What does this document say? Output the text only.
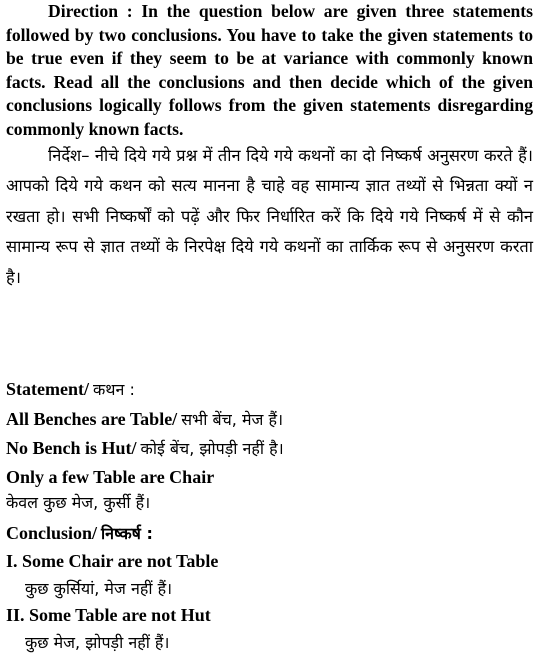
Direction : In the question below are given three statements followed by two conclusions. You have to take the given statements to be true even if they seem to be at variance with commonly known facts. Read all the conclusions and then decide which of the given conclusions logically follows from the given statements disregarding commonly known facts.

निर्देश– नीचे दिये गये प्रश्न में तीन दिये गये कथनों का दो निष्कर्ष अनुसरण करते हैं। आपको दिये गये कथन को सत्य मानना है चाहे वह सामान्य ज्ञात तथ्यों से भिन्नता क्यों न रखता हो। सभी निष्कर्षों को पढ़ें और फिर निर्धारित करें कि दिये गये निष्कर्ष में से कौन सामान्य रूप से ज्ञात तथ्यों के निरपेक्ष दिये गये कथनों का तार्किक रूप से अनुसरण करता है।

Statement/ कथन :
All Benches are Table/ सभी बेंच, मेज हैं।
No Bench is Hut/ कोई बेंच, झोपड़ी नहीं है।
Only a few Table are Chair
केवल कुछ मेज, कुर्सी हैं।
Conclusion/ निष्कर्ष :
I. Some Chair are not Table
कुछ कुर्सियां, मेज नहीं हैं।
II. Some Table are not Hut
कुछ मेज, झोपड़ी नहीं हैं।
